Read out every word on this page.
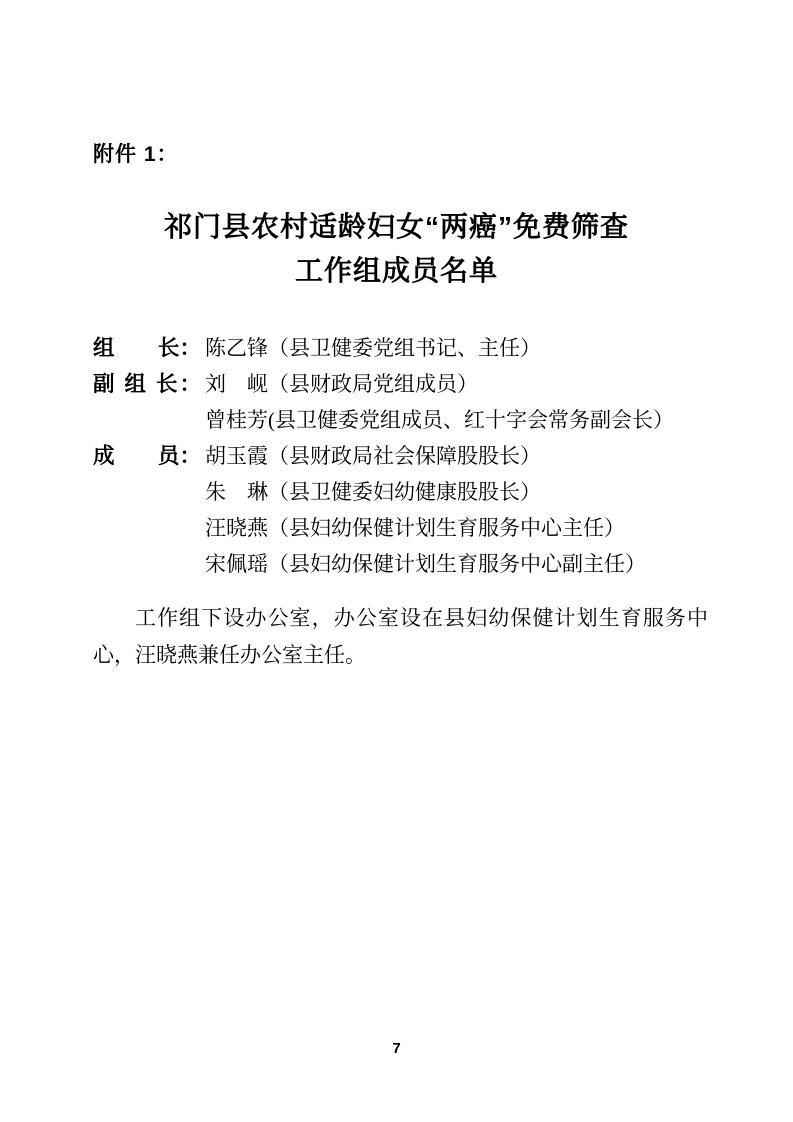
附件 1：
祁门县农村适龄妇女“两癌”免费筛查
工作组成员名单
组　　长： 陈乙锋（县卫健委党组书记、主任）
副 组 长： 刘　岘（县财政局党组成员）
曾桂芳(县卫健委党组成员、红十字会常务副会长）
成　　员： 胡玉霞（县财政局社会保障股股长）
朱　琳（县卫健委妇幼健康股股长）
汪晓燕（县妇幼保健计划生育服务中心主任）
宋佩瑶（县妇幼保健计划生育服务中心副主任）

工作组下设办公室，办公室设在县妇幼保健计划生育服务中心，汪晓燕兼任办公室主任。

7
